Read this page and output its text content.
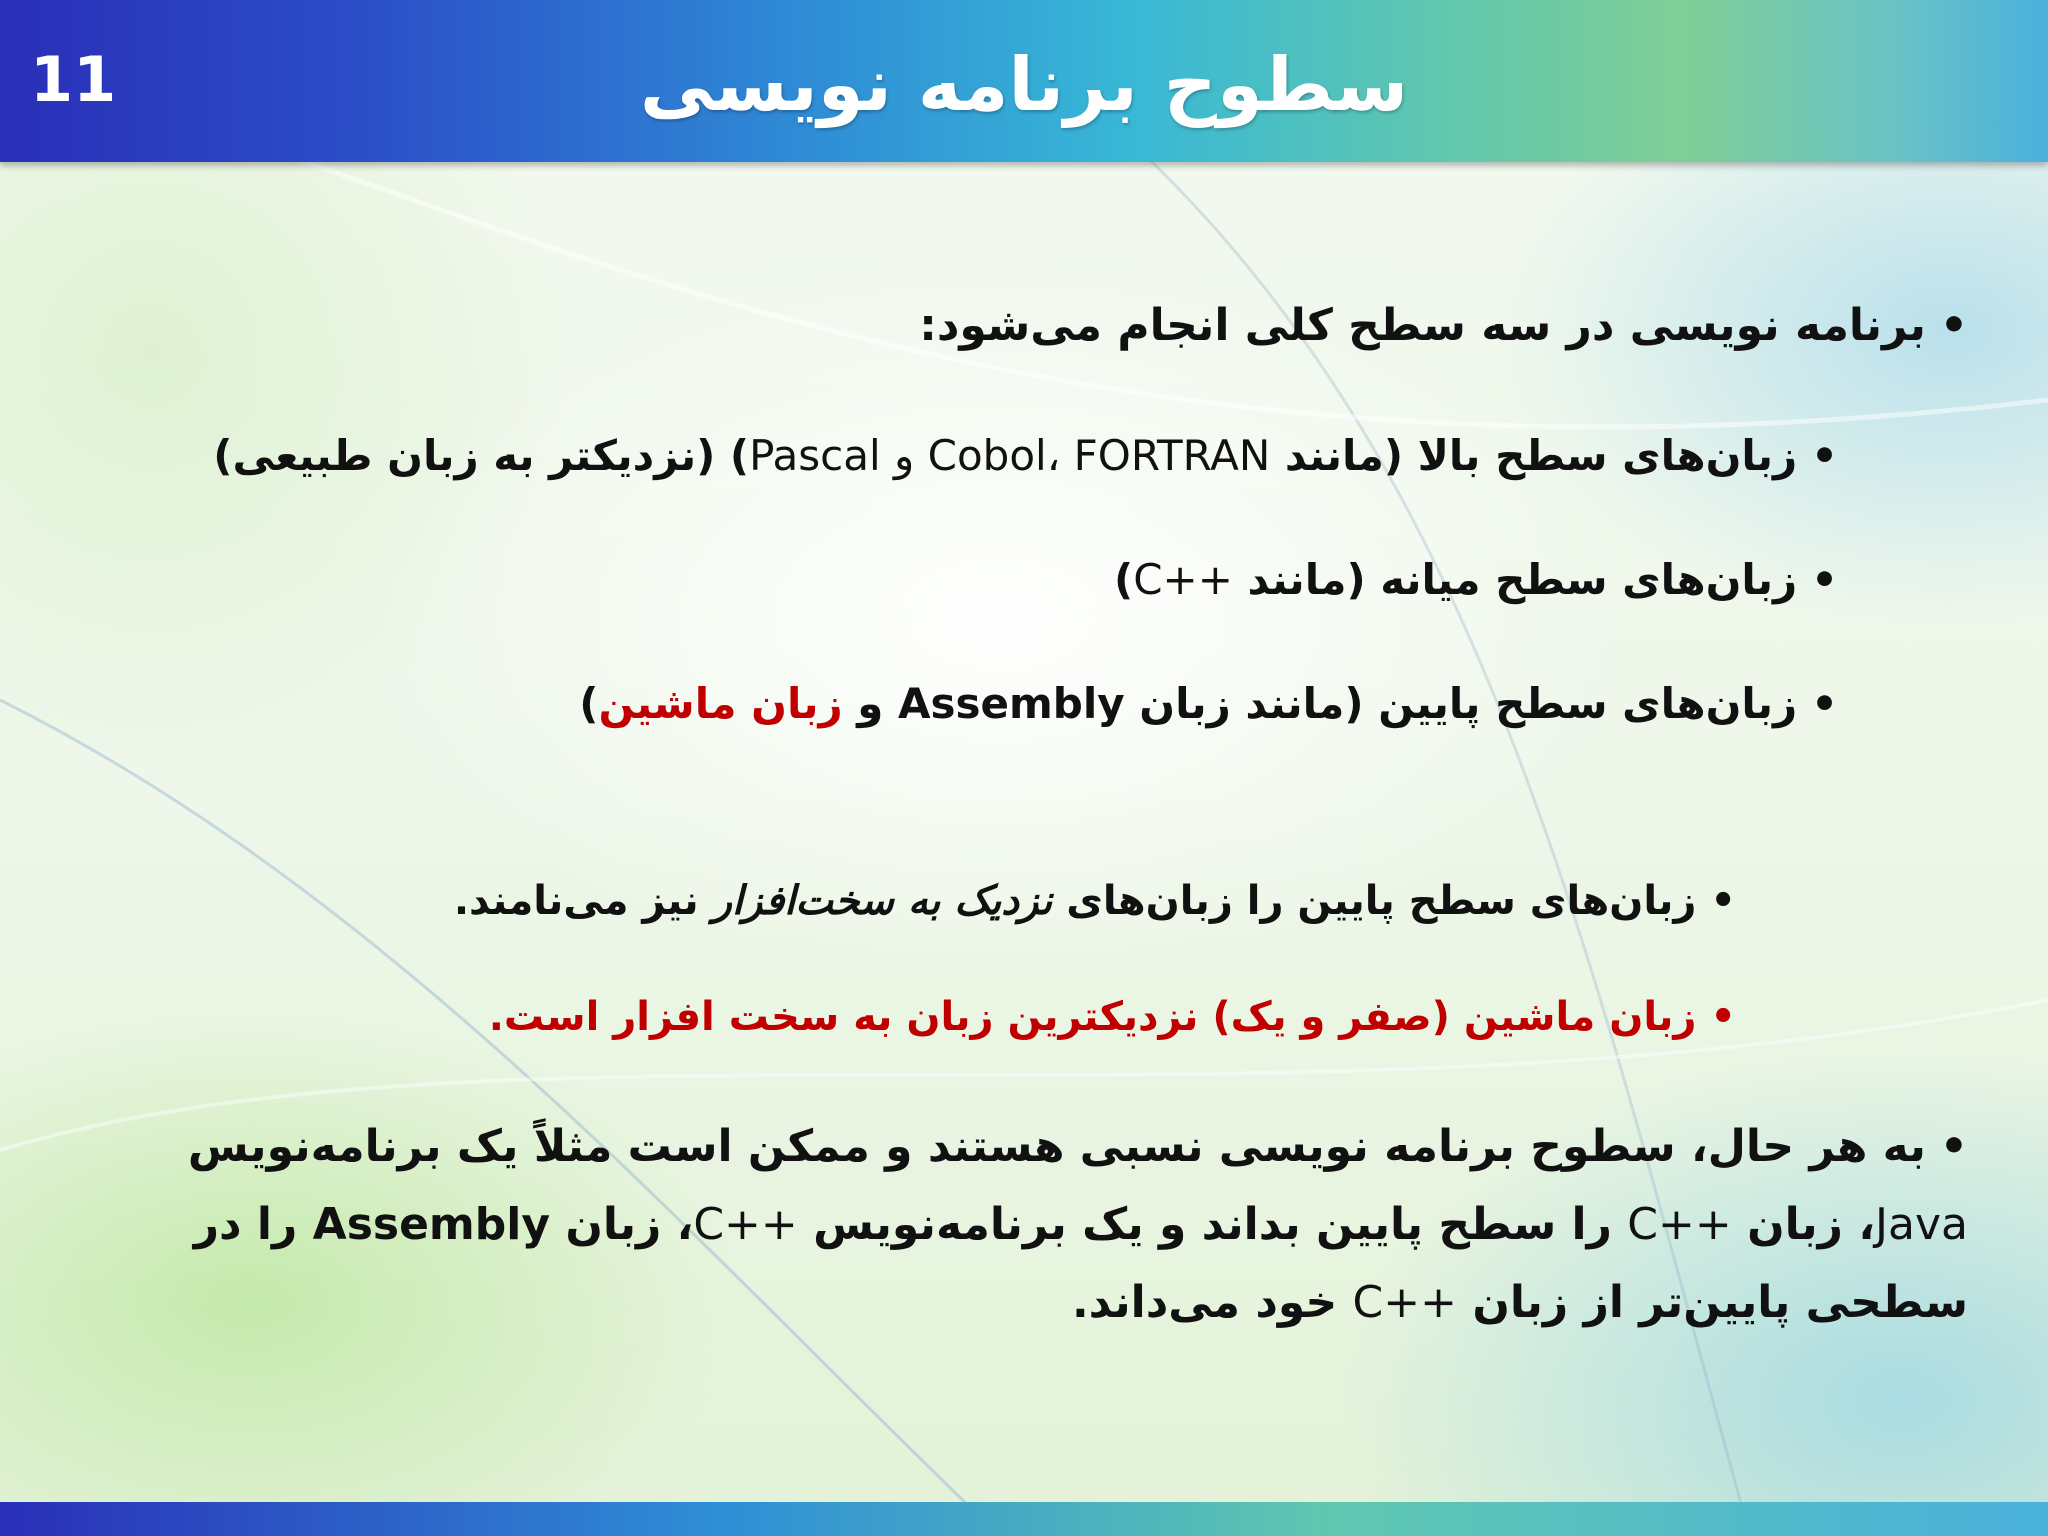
11	سطوح برنامه نویسی
•برنامه نویسی در سه سطح کلی انجام می‌شود:
•زبان‌های سطح بالا (مانند Cobol، FORTRAN و Pascal) (نزدیکتر به زبان طبیعی)
•زبان‌های سطح میانه (مانند C++)
•زبان‌های سطح پایین (مانند زبان Assembly و زبان ماشین)
•زبان‌های سطح پایین را زبان‌های نزدیک به سخت‌افزار نیز می‌نامند.
•زبان ماشین (صفر و یک) نزدیکترین زبان به سخت افزار است.
•به هر حال، سطوح برنامه نویسی نسبی هستند و ممکن است مثلاً یک برنامه‌نویس Java، زبان C++ را سطح پایین بداند و یک برنامه‌نویس C++، زبان Assembly را در سطحی پایین‌تر از زبان C++ خود می‌داند.
